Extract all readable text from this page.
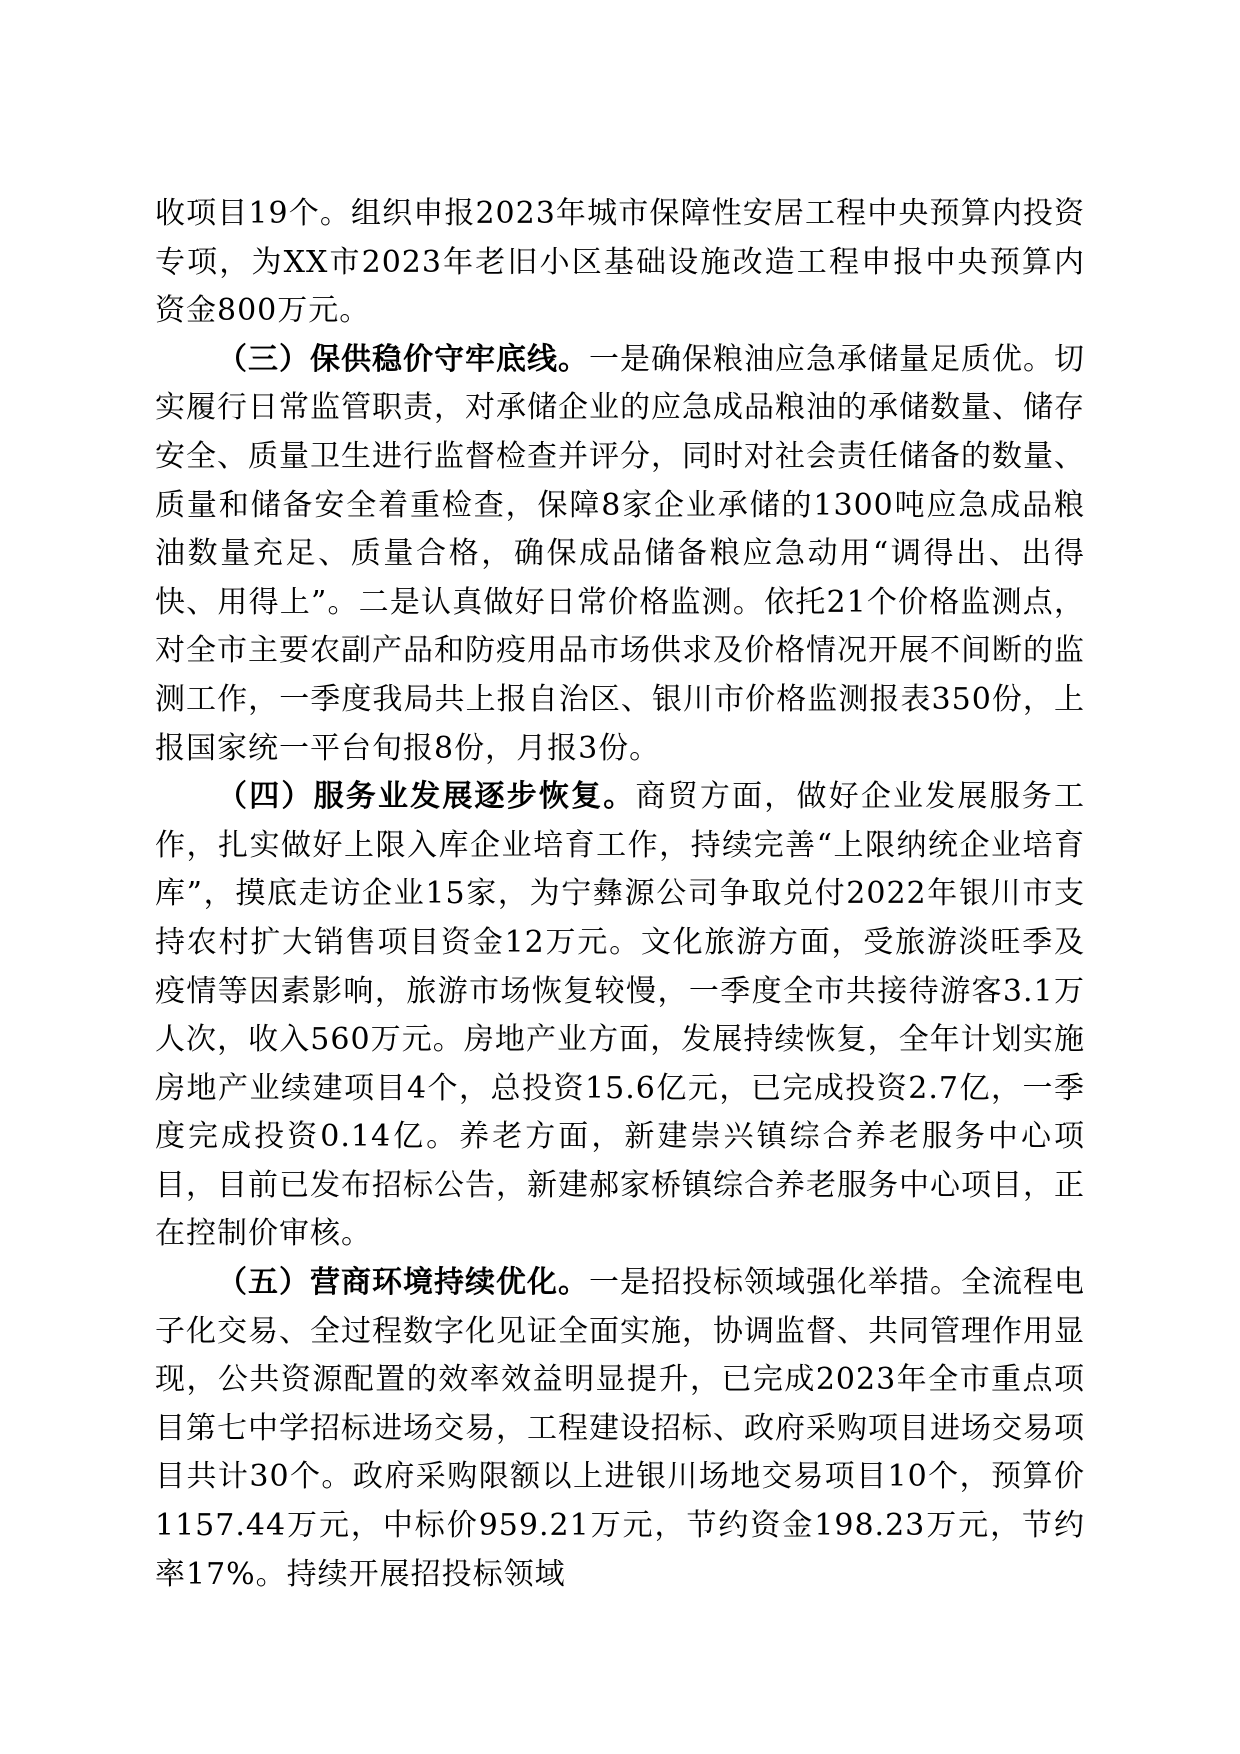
收项目19个。组织申报2023年城市保障性安居工程中央预算内投资专项，为XX市2023年老旧小区基础设施改造工程申报中央预算内资金800万元。

（三）保供稳价守牢底线。一是确保粮油应急承储量足质优。切实履行日常监管职责，对承储企业的应急成品粮油的承储数量、储存安全、质量卫生进行监督检查并评分，同时对社会责任储备的数量、质量和储备安全着重检查，保障8家企业承储的1300吨应急成品粮油数量充足、质量合格，确保成品储备粮应急动用“调得出、出得快、用得上”。二是认真做好日常价格监测。依托21个价格监测点，对全市主要农副产品和防疫用品市场供求及价格情况开展不间断的监测工作，一季度我局共上报自治区、银川市价格监测报表350份，上报国家统一平台旬报8份，月报3份。

（四）服务业发展逐步恢复。商贸方面，做好企业发展服务工作，扎实做好上限入库企业培育工作，持续完善“上限纳统企业培育库”，摸底走访企业15家，为宁彝源公司争取兑付2022年银川市支持农村扩大销售项目资金12万元。文化旅游方面，受旅游淡旺季及疫情等因素影响，旅游市场恢复较慢，一季度全市共接待游客3.1万人次，收入560万元。房地产业方面，发展持续恢复，全年计划实施房地产业续建项目4个，总投资15.6亿元，已完成投资2.7亿，一季度完成投资0.14亿。养老方面，新建崇兴镇综合养老服务中心项目，目前已发布招标公告，新建郝家桥镇综合养老服务中心项目，正在控制价审核。

（五）营商环境持续优化。一是招投标领域强化举措。全流程电子化交易、全过程数字化见证全面实施，协调监督、共同管理作用显现，公共资源配置的效率效益明显提升，已完成2023年全市重点项目第七中学招标进场交易，工程建设招标、政府采购项目进场交易项目共计30个。政府采购限额以上进银川场地交易项目10个，预算价1157.44万元，中标价959.21万元，节约资金198.23万元，节约率17%。持续开展招投标领域
